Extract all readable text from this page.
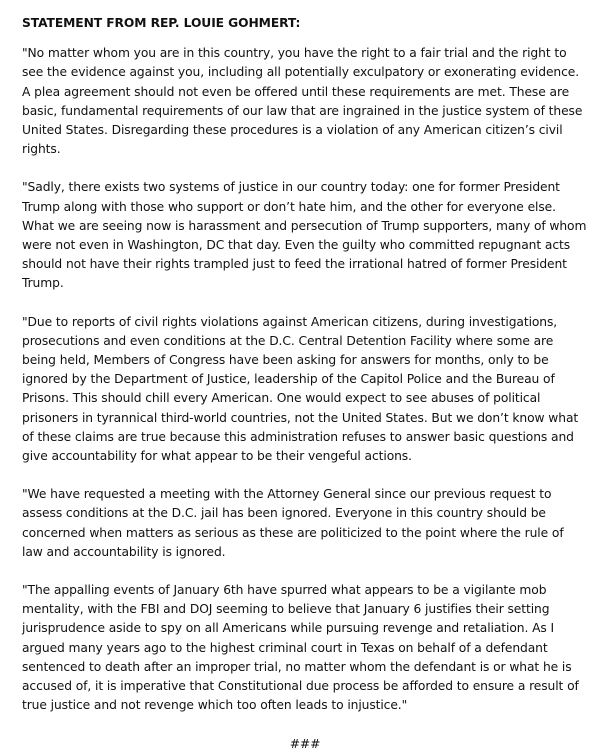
STATEMENT FROM REP. LOUIE GOHMERT:

"No matter whom you are in this country, you have the right to a fair trial and the right to see the evidence against you, including all potentially exculpatory or exonerating evidence. A plea agreement should not even be offered until these requirements are met. These are basic, fundamental requirements of our law that are ingrained in the justice system of these United States. Disregarding these procedures is a violation of any American citizen’s civil rights.

"Sadly, there exists two systems of justice in our country today: one for former President Trump along with those who support or don’t hate him, and the other for everyone else. What we are seeing now is harassment and persecution of Trump supporters, many of whom were not even in Washington, DC that day. Even the guilty who committed repugnant acts should not have their rights trampled just to feed the irrational hatred of former President Trump.

"Due to reports of civil rights violations against American citizens, during investigations, prosecutions and even conditions at the D.C. Central Detention Facility where some are being held, Members of Congress have been asking for answers for months, only to be ignored by the Department of Justice, leadership of the Capitol Police and the Bureau of Prisons. This should chill every American. One would expect to see abuses of political prisoners in tyrannical third-world countries, not the United States. But we don’t know what of these claims are true because this administration refuses to answer basic questions and give accountability for what appear to be their vengeful actions.

"We have requested a meeting with the Attorney General since our previous request to assess conditions at the D.C. jail has been ignored. Everyone in this country should be concerned when matters as serious as these are politicized to the point where the rule of law and accountability is ignored.

"The appalling events of January 6th have spurred what appears to be a vigilante mob mentality, with the FBI and DOJ seeming to believe that January 6 justifies their setting jurisprudence aside to spy on all Americans while pursuing revenge and retaliation. As I argued many years ago to the highest criminal court in Texas on behalf of a defendant sentenced to death after an improper trial, no matter whom the defendant is or what he is accused of, it is imperative that Constitutional due process be afforded to ensure a result of true justice and not revenge which too often leads to injustice."

###
